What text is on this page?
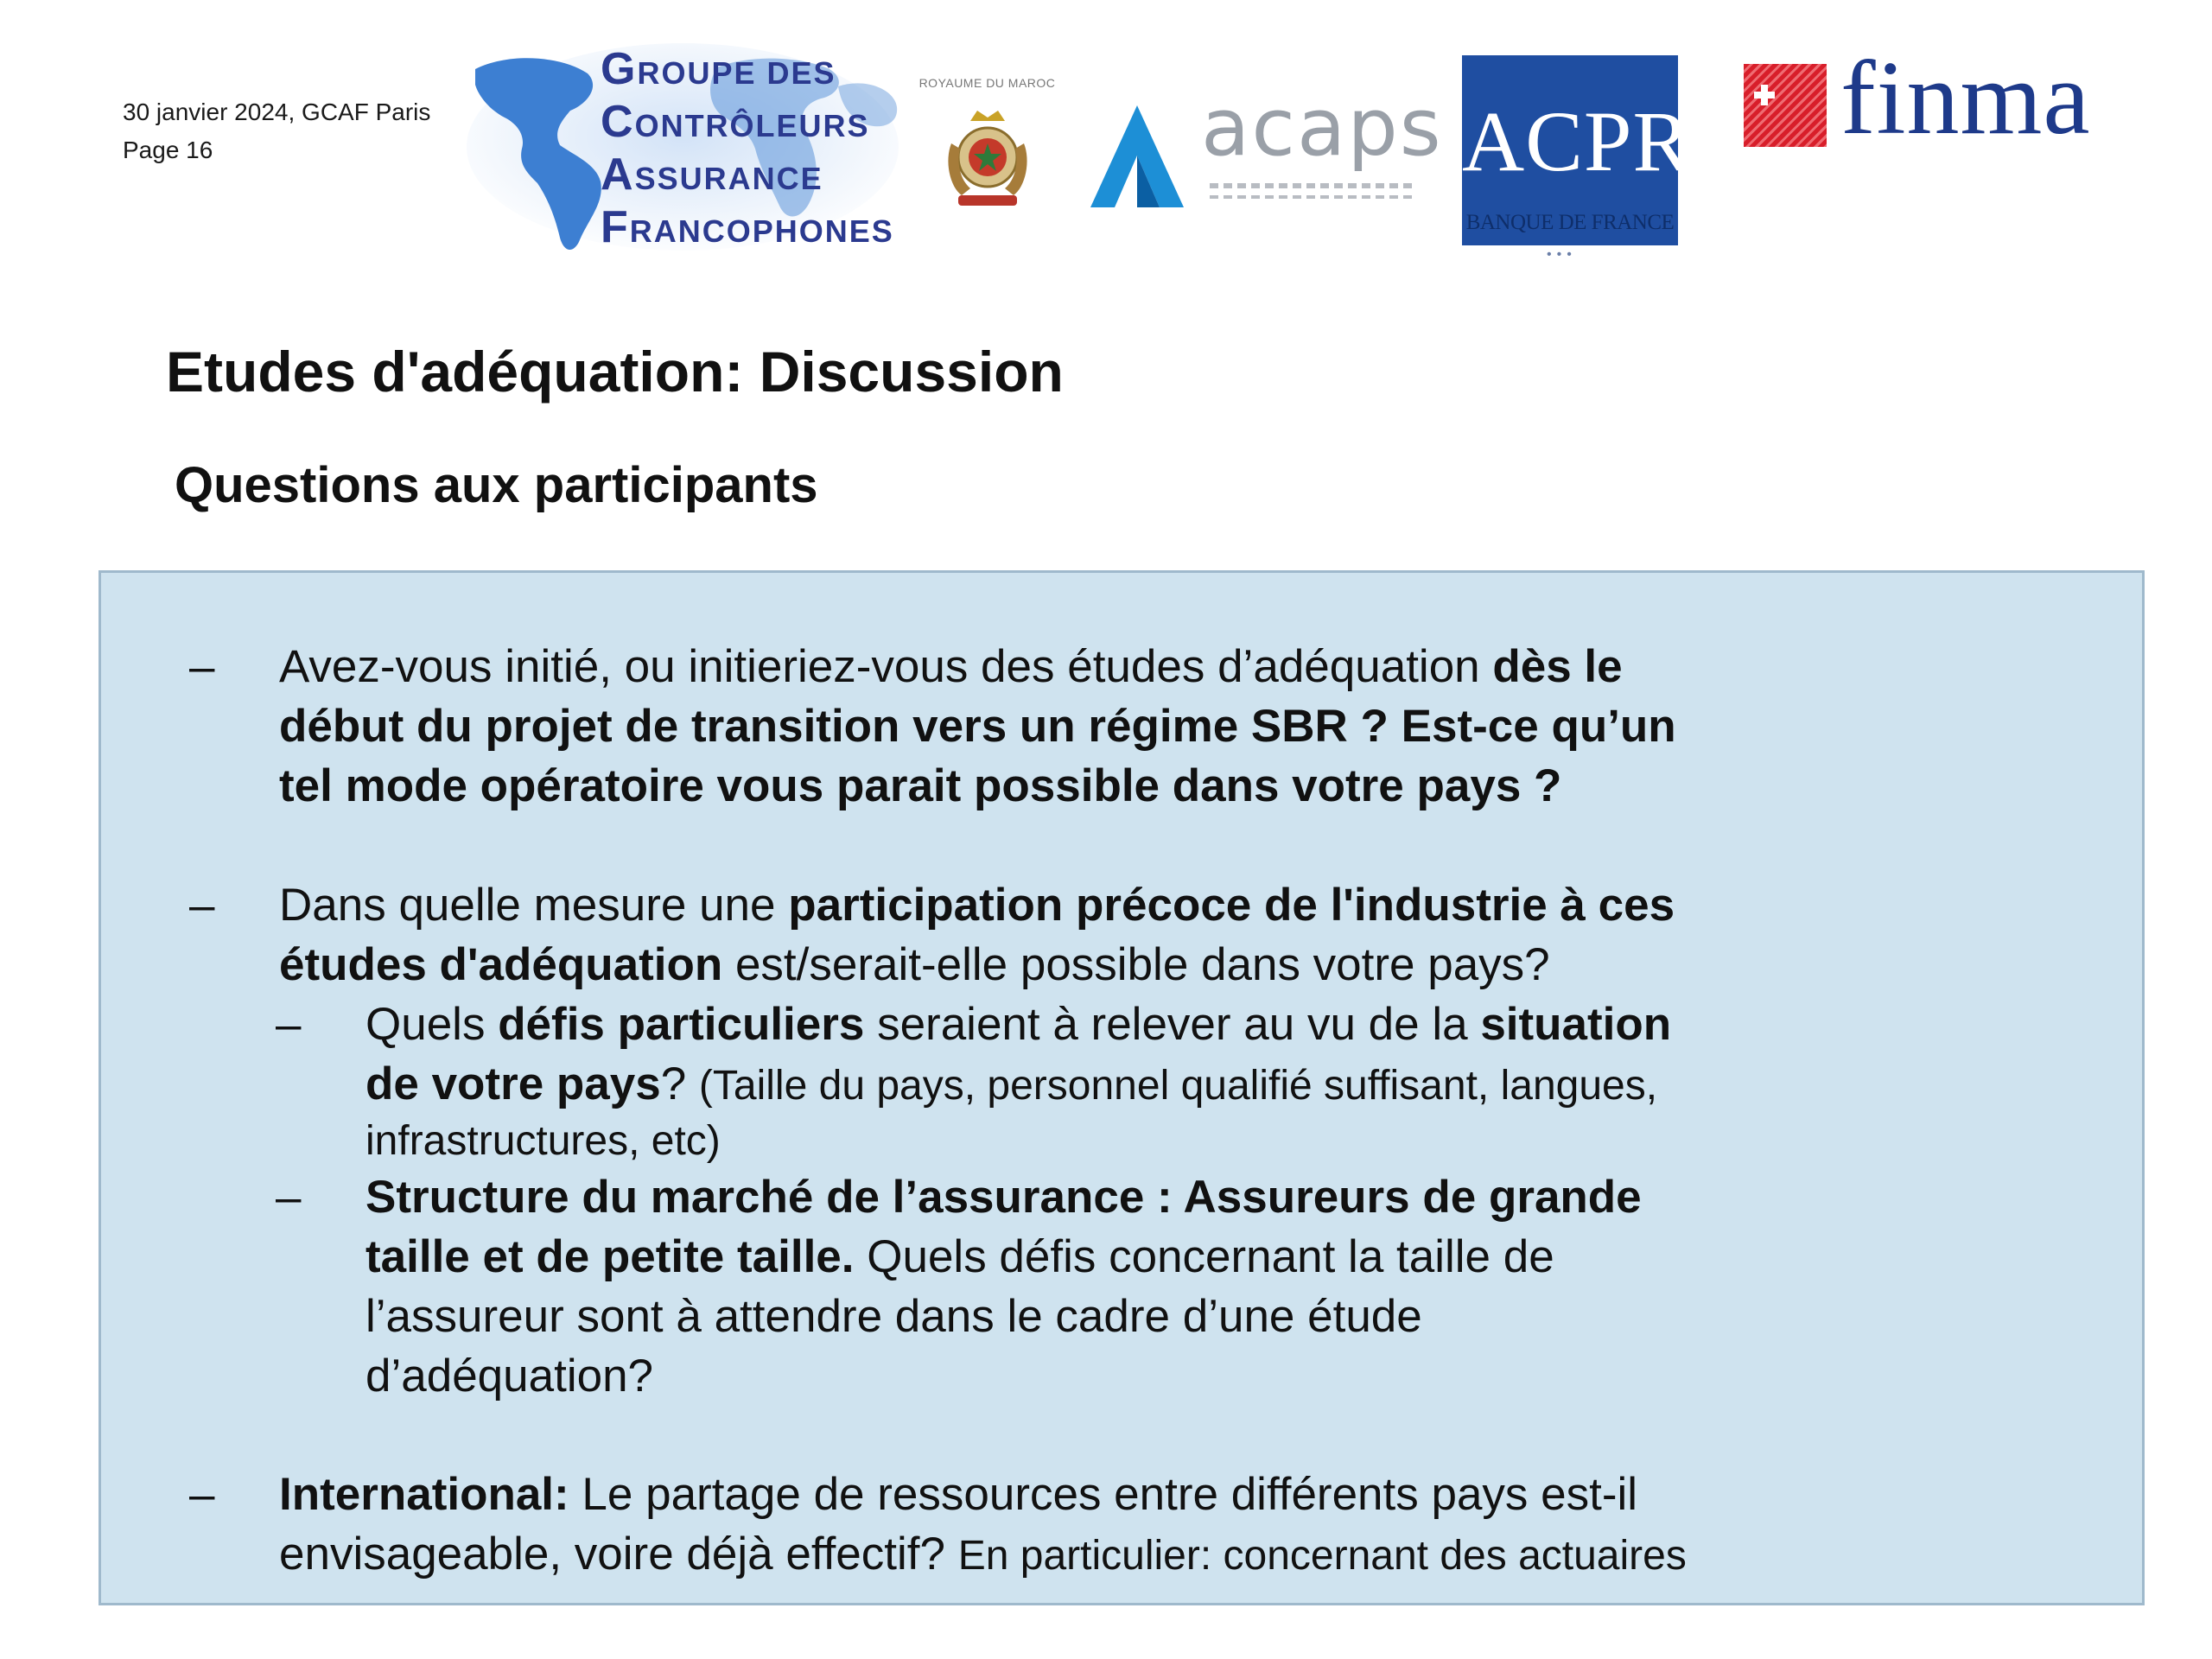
30 janvier 2024, GCAF Paris
Page 16
GROUPE DES
CONTRÔLEURS
ASSURANCE
FRANCOPHONES
ROYAUME DU MAROC acaps ACPR
BANQUE DE FRANCE
•••
finma
Etudes d'adéquation: Discussion
Questions aux participants
– Avez-vous initié, ou initieriez-vous des études d’adéquation dès le
début du projet de transition vers un régime SBR ? Est-ce qu’un
tel mode opératoire vous parait possible dans votre pays ?
– Dans quelle mesure une participation précoce de l'industrie à ces
études d'adéquation est/serait-elle possible dans votre pays?
– Quels défis particuliers seraient à relever au vu de la situation
de votre pays? (Taille du pays, personnel qualifié suffisant, langues,
infrastructures, etc)
– Structure du marché de l’assurance : Assureurs de grande
taille et de petite taille. Quels défis concernant la taille de
l’assureur sont à attendre dans le cadre d’une étude
d’adéquation?
– International: Le partage de ressources entre différents pays est-il
envisageable, voire déjà effectif? En particulier: concernant des actuaires
